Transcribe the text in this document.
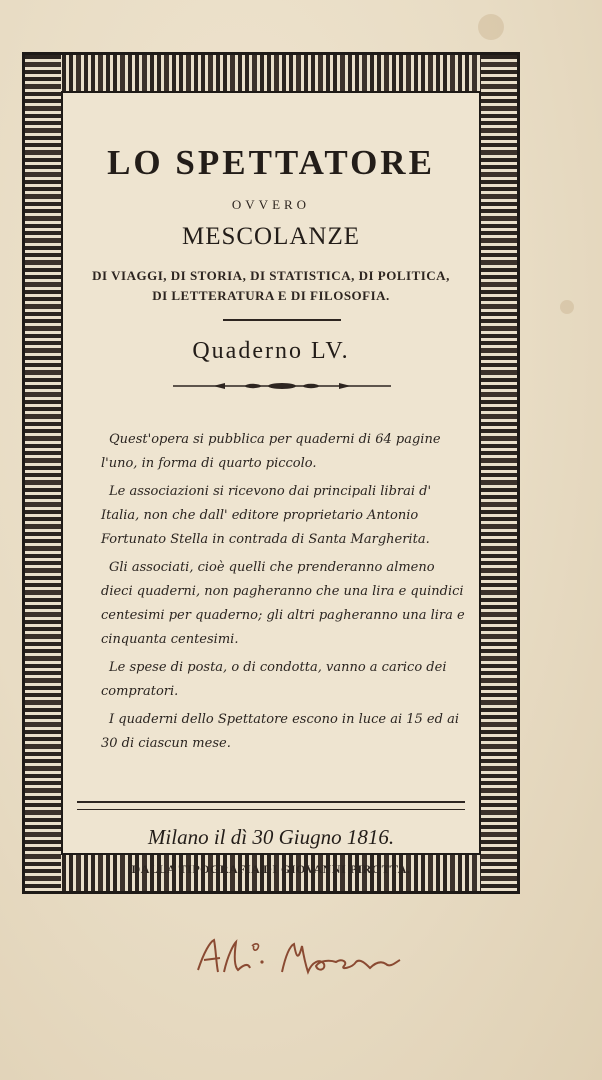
LO SPETTATORE
OVVERO
MESCOLANZE
DI VIAGGI, DI STORIA, DI STATISTICA, DI POLITICA,
DI LETTERATURA E DI FILOSOFIA.
Quaderno LV.

Quest'opera si pubblica per quaderni di 64 pagine l'uno, in forma di quarto piccolo.

Le associazioni si ricevono dai principali librai d' Italia, non che dall' editore proprietario Antonio Fortunato Stella in contrada di Santa Margherita.

Gli associati, cioè quelli che prenderanno almeno dieci quaderni, non pagheranno che una lira e quindici centesimi per quaderno; gli altri pagheranno una lira e cinquanta centesimi.

Le spese di posta, o di condotta, vanno a carico dei compratori.

I quaderni dello Spettatore escono in luce ai 15 ed ai 30 di ciascun mese.

Milano il dì 30 Giugno 1816.
DALLA TIPOGRAFIA DI GIOVANNI PIROTTA.
